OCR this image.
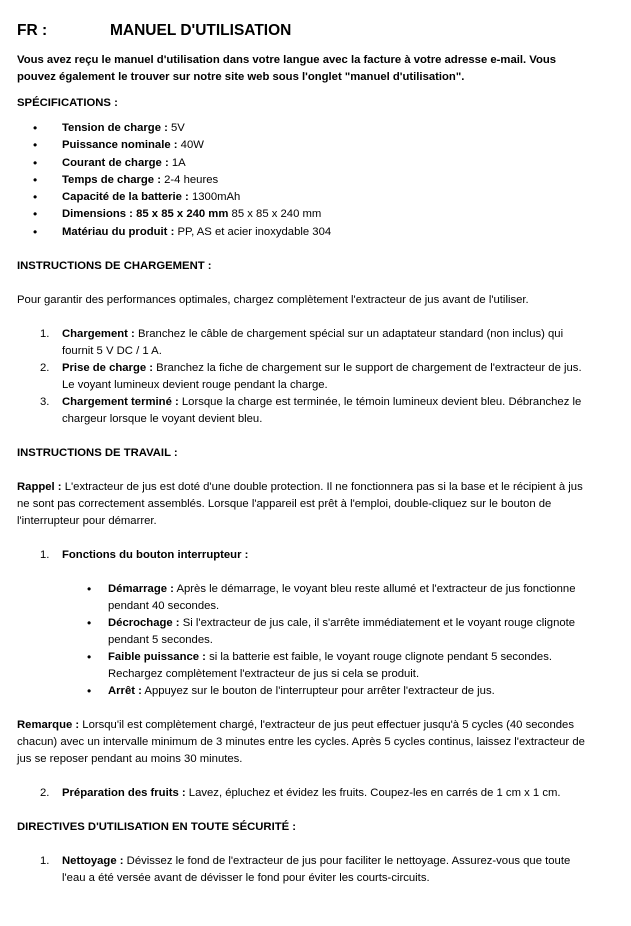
FR :	MANUEL D'UTILISATION

Vous avez reçu le manuel d'utilisation dans votre langue avec la facture à votre adresse e-mail. Vous pouvez également le trouver sur notre site web sous l'onglet "manuel d'utilisation".

SPÉCIFICATIONS :

• Tension de charge : 5V
• Puissance nominale : 40W
• Courant de charge : 1A
• Temps de charge : 2-4 heures
• Capacité de la batterie : 1300mAh
• Dimensions : 85 x 85 x 240 mm 85 x 85 x 240 mm
• Matériau du produit : PP, AS et acier inoxydable 304

INSTRUCTIONS DE CHARGEMENT :

Pour garantir des performances optimales, chargez complètement l'extracteur de jus avant de l'utiliser.

1. Chargement : Branchez le câble de chargement spécial sur un adaptateur standard (non inclus) qui fournit 5 V DC / 1 A.
2. Prise de charge : Branchez la fiche de chargement sur le support de chargement de l'extracteur de jus. Le voyant lumineux devient rouge pendant la charge.
3. Chargement terminé : Lorsque la charge est terminée, le témoin lumineux devient bleu. Débranchez le chargeur lorsque le voyant devient bleu.

INSTRUCTIONS DE TRAVAIL :

Rappel : L'extracteur de jus est doté d'une double protection. Il ne fonctionnera pas si la base et le récipient à jus ne sont pas correctement assemblés. Lorsque l'appareil est prêt à l'emploi, double-cliquez sur le bouton de l'interrupteur pour démarrer.

1. Fonctions du bouton interrupteur :
• Démarrage : Après le démarrage, le voyant bleu reste allumé et l'extracteur de jus fonctionne pendant 40 secondes.
• Décrochage : Si l'extracteur de jus cale, il s'arrête immédiatement et le voyant rouge clignote pendant 5 secondes.
• Faible puissance : si la batterie est faible, le voyant rouge clignote pendant 5 secondes. Rechargez complètement l'extracteur de jus si cela se produit.
• Arrêt : Appuyez sur le bouton de l'interrupteur pour arrêter l'extracteur de jus.

Remarque : Lorsqu'il est complètement chargé, l'extracteur de jus peut effectuer jusqu'à 5 cycles (40 secondes chacun) avec un intervalle minimum de 3 minutes entre les cycles. Après 5 cycles continus, laissez l'extracteur de jus se reposer pendant au moins 30 minutes.

2. Préparation des fruits : Lavez, épluchez et évidez les fruits. Coupez-les en carrés de 1 cm x 1 cm.

DIRECTIVES D'UTILISATION EN TOUTE SÉCURITÉ :

1. Nettoyage : Dévissez le fond de l'extracteur de jus pour faciliter le nettoyage. Assurez-vous que toute l'eau a été versée avant de dévisser le fond pour éviter les courts-circuits.
